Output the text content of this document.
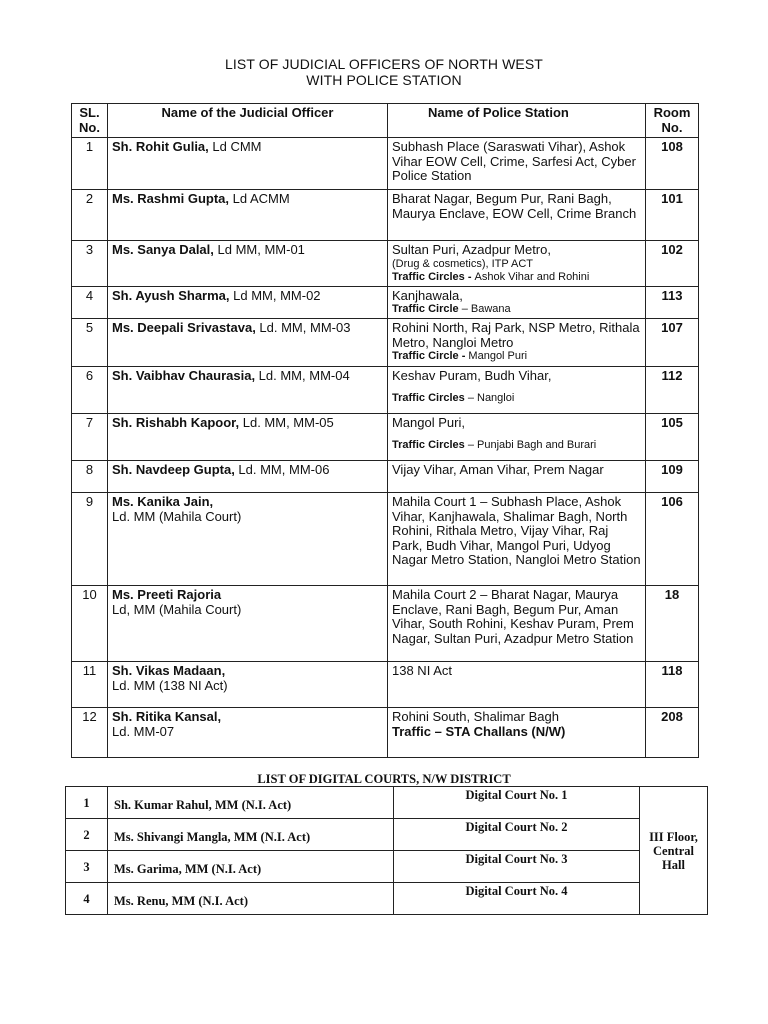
LIST OF JUDICIAL OFFICERS OF NORTH WEST
WITH POLICE STATION
SL. No.	Name of the Judicial Officer	Name of Police Station	Room No.
1	Sh. Rohit Gulia, Ld CMM	Subhash Place (Saraswati Vihar), Ashok Vihar EOW Cell, Crime, Sarfesi Act, Cyber Police Station	108
2	Ms. Rashmi Gupta, Ld ACMM	Bharat Nagar, Begum Pur, Rani Bagh, Maurya Enclave, EOW Cell, Crime Branch	101
3	Ms. Sanya Dalal, Ld MM, MM-01	Sultan Puri, Azadpur Metro,
(Drug & cosmetics), ITP ACT
Traffic Circles - Ashok Vihar and Rohini	102
4	Sh. Ayush Sharma, Ld MM, MM-02	Kanjhawala,
Traffic Circle – Bawana	113
5	Ms. Deepali Srivastava, Ld. MM, MM-03	Rohini North, Raj Park, NSP Metro, Rithala Metro, Nangloi Metro
Traffic Circle - Mangol Puri	107
6	Sh. Vaibhav Chaurasia, Ld. MM, MM-04	Keshav Puram, Budh Vihar,
Traffic Circles – Nangloi	112
7	Sh. Rishabh Kapoor, Ld. MM, MM-05	Mangol Puri,
Traffic Circles – Punjabi Bagh and Burari	105
8	Sh. Navdeep Gupta, Ld. MM, MM-06	Vijay Vihar, Aman Vihar, Prem Nagar	109
9	Ms. Kanika Jain,
Ld. MM (Mahila Court)	Mahila Court 1 – Subhash Place, Ashok Vihar, Kanjhawala, Shalimar Bagh, North Rohini, Rithala Metro, Vijay Vihar, Raj Park, Budh Vihar, Mangol Puri, Udyog Nagar Metro Station, Nangloi Metro Station	106
10	Ms. Preeti Rajoria
Ld, MM (Mahila Court)	Mahila Court 2 – Bharat Nagar, Maurya Enclave, Rani Bagh, Begum Pur, Aman Vihar, South Rohini, Keshav Puram, Prem Nagar, Sultan Puri, Azadpur Metro Station	18
11	Sh. Vikas Madaan,
Ld. MM (138 NI Act)	138 NI Act	118
12	Sh. Ritika Kansal,
Ld. MM-07	Rohini South, Shalimar Bagh
Traffic – STA Challans (N/W)	208
LIST OF DIGITAL COURTS, N/W DISTRICT
1	Sh. Kumar Rahul, MM (N.I. Act)	Digital Court No. 1	III Floor, Central Hall
2	Ms. Shivangi Mangla, MM (N.I. Act)	Digital Court No. 2	
3	Ms. Garima, MM (N.I. Act)	Digital Court No. 3	
4	Ms. Renu, MM (N.I. Act)	Digital Court No. 4	
